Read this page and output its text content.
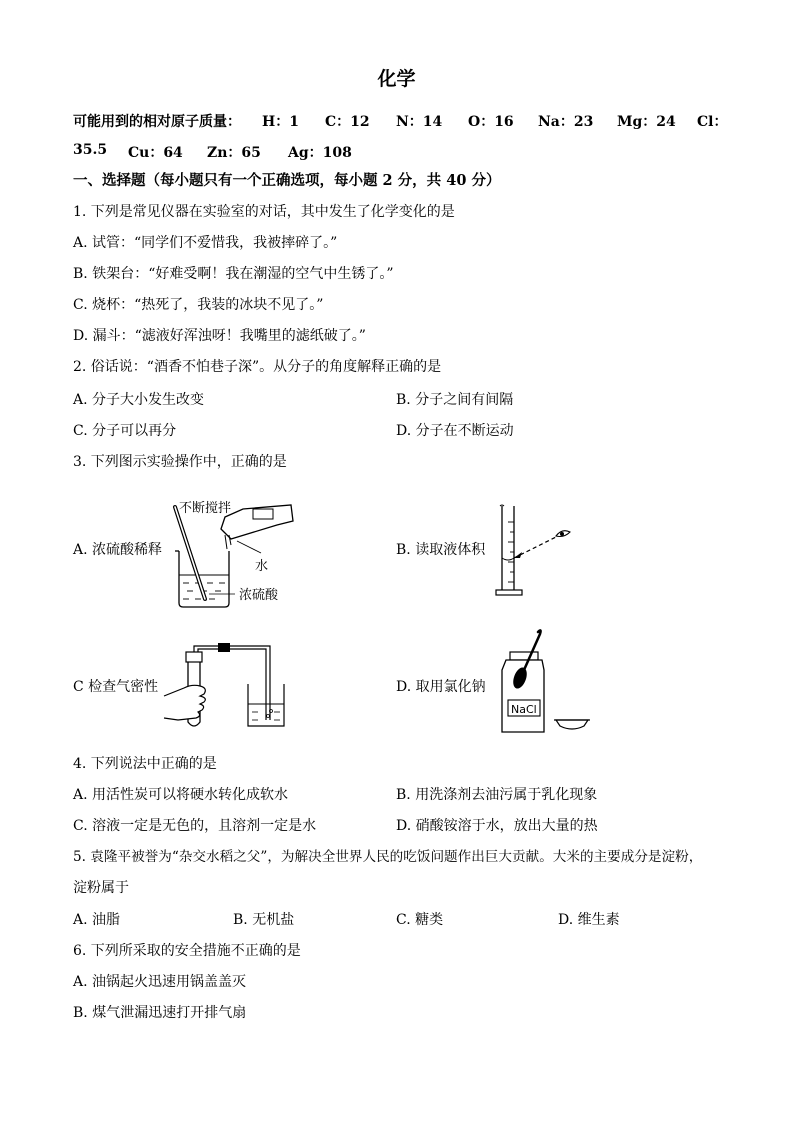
化学
可能用到的相对原子质量： H：1 C：12 N：14 O：16 Na：23 Mg：24 Cl：
35.5 Cu：64 Zn：65 Ag：108
一、选择题（每小题只有一个正确选项，每小题 2 分，共 40 分）
1. 下列是常见仪器在实验室的对话，其中发生了化学变化的是
A. 试管：“同学们不爱惜我，我被摔碎了。”
B. 铁架台：“好难受啊！我在潮湿的空气中生锈了。”
C. 烧杯：“热死了，我装的冰块不见了。”
D. 漏斗：“滤液好浑浊呀！我嘴里的滤纸破了。”
2. 俗话说：“酒香不怕巷子深”。从分子的角度解释正确的是
A. 分子大小发生改变	B. 分子之间有间隔
C. 分子可以再分	D. 分子在不断运动
3. 下列图示实验操作中，正确的是
A. 浓硫酸稀释	B. 读取液体积
C 检查气密性	D. 取用氯化钠
不断搅拌
水
浓硫酸
NaCl
4. 下列说法中正确的是
A. 用活性炭可以将硬水转化成软水	B. 用洗涤剂去油污属于乳化现象
C. 溶液一定是无色的，且溶剂一定是水	D. 硝酸铵溶于水，放出大量的热
5. 袁隆平被誉为“杂交水稻之父”，为解决全世界人民的吃饭问题作出巨大贡献。大米的主要成分是淀粉，
淀粉属于
A. 油脂	B. 无机盐	C. 糖类	D. 维生素
6. 下列所采取的安全措施不正确的是
A. 油锅起火迅速用锅盖盖灭
B. 煤气泄漏迅速打开排气扇
